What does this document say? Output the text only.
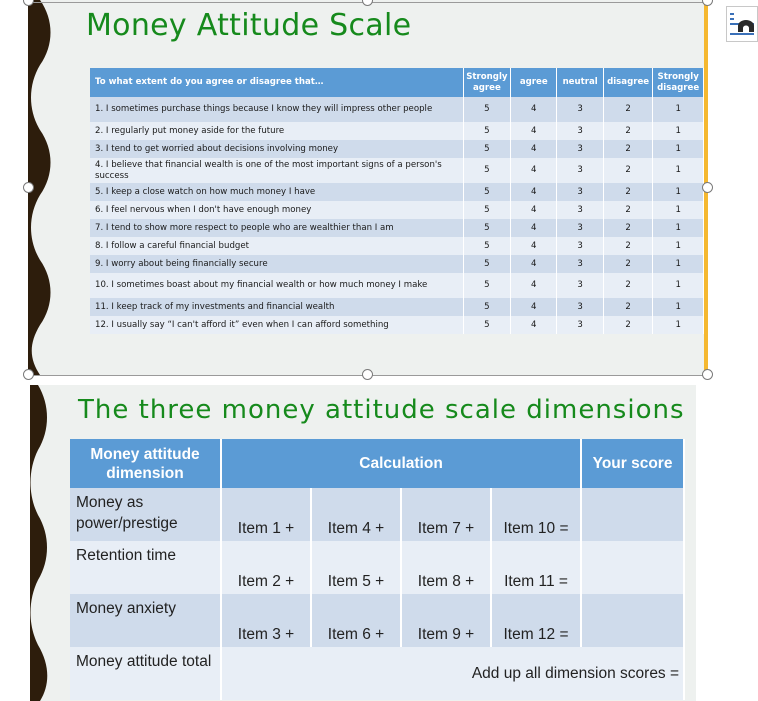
Money Attitude Scale
To what extent do you agree or disagree that…	Strongly agree	agree	neutral	disagree	Strongly disagree
1. I sometimes purchase things because I know they will impress other people	5	4	3	2	1
2. I regularly put money aside for the future	5	4	3	2	1
3. I tend to get worried about decisions involving money	5	4	3	2	1
4. I believe that financial wealth is one of the most important signs of a person's success	5	4	3	2	1
5. I keep a close watch on how much money I have	5	4	3	2	1
6. I feel nervous when I don't have enough money	5	4	3	2	1
7. I tend to show more respect to people who are wealthier than I am	5	4	3	2	1
8. I follow a careful financial budget	5	4	3	2	1
9. I worry about being financially secure	5	4	3	2	1
10. I sometimes boast about my financial wealth or how much money I make	5	4	3	2	1
11. I keep track of my investments and financial wealth	5	4	3	2	1
12. I usually say “I can't afford it” even when I can afford something	5	4	3	2	1
The three money attitude scale dimensions
Money attitude dimension	Calculation				Your score
Money as power/prestige	Item 1 +	Item 4 +	Item 7 +	Item 10 =	
Retention time	Item 2 +	Item 5 +	Item 8 +	Item 11 =	
Money anxiety	Item 3 +	Item 6 +	Item 9 +	Item 12 =	
Money attitude total	Add up all dimension scores =				
